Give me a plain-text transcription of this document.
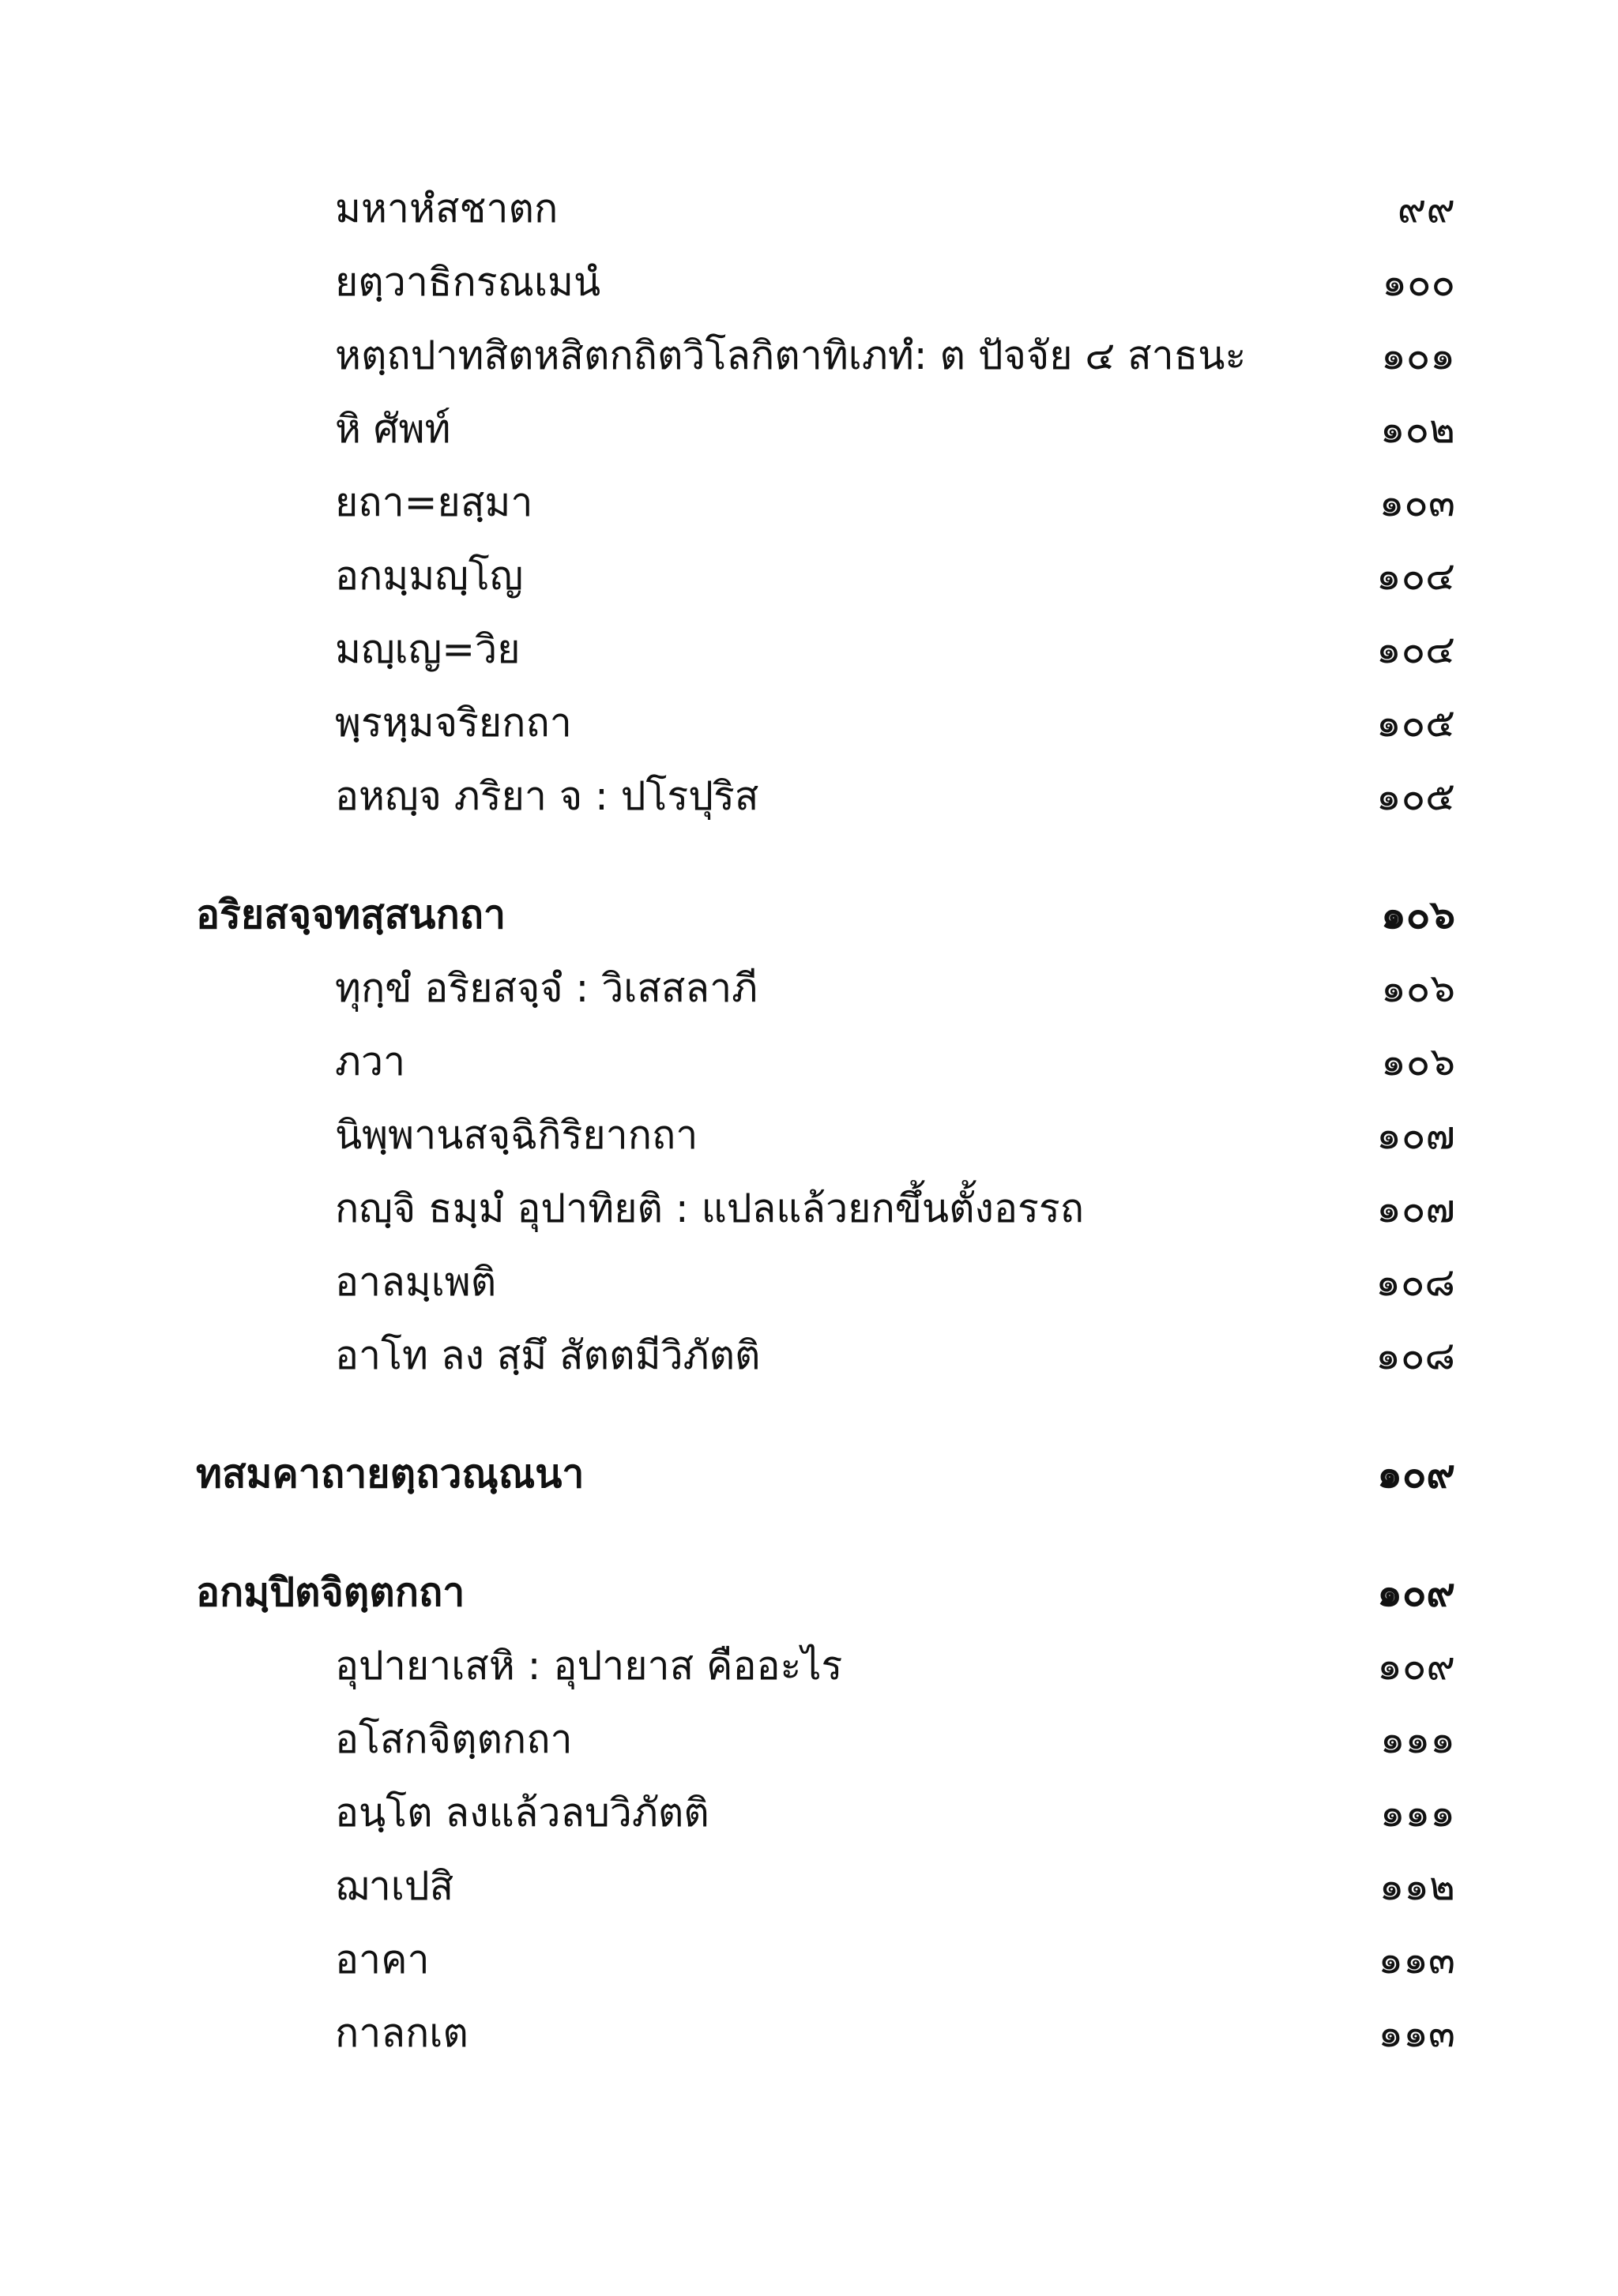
มหาหํสชาตก	๙๙
ยตฺวาธิกรณเมนํ	๑๐๐
หตฺถปาทสิตหสิตกถิตวิโลกิตาทิเภทํ: ต ปัจจัย ๔ สาธนะ	๑๐๑
หิ ศัพท์	๑๐๒
ยถา=ยสฺมา	๑๐๓
อกมฺมญฺโญ	๑๐๔
มญฺเญ=วิย	๑๐๔
พฺรหฺมจริยกถา	๑๐๕
อหญฺจ ภริยา จ : ปโรปุริส	๑๐๕
อริยสจฺจทสฺสนกถา	๑๐๖
ทุกฺขํ อริยสจฺจํ : วิเสสลาภี	๑๐๖
ภวา	๑๐๖
นิพฺพานสจฺฉิกิริยากถา	๑๐๗
กญฺจิ ธมฺมํ อุปาทิยติ : แปลแล้วยกขึ้นตั้งอรรถ	๑๐๗
อาลมฺเพติ	๑๐๘
อาโท ลง สฺมึ สัตตมีวิภัตติ	๑๐๘
ทสมคาถายตฺถวณฺณนา	๑๐๙
อกมฺปิตจิตฺตกถา	๑๐๙
อุปายาเสหิ : อุปายาส คืออะไร	๑๐๙
อโสกจิตฺตกถา	๑๑๑
อนฺโต ลงแล้วลบวิภัตติ	๑๑๑
ฌาเปสิ	๑๑๒
อาคา	๑๑๓
กาลกเต	๑๑๓
